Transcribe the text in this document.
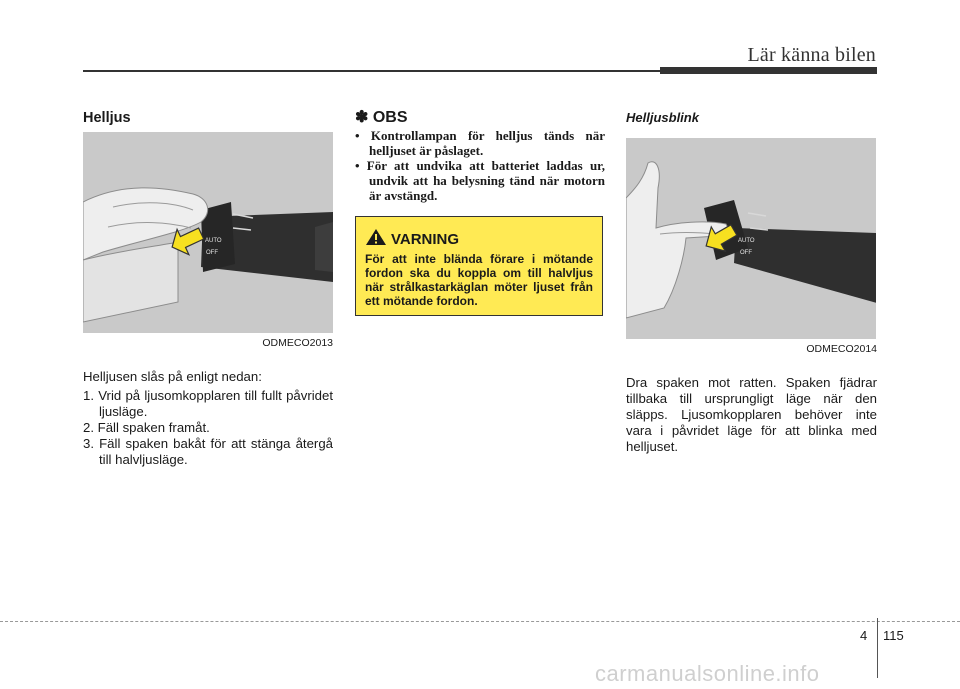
Lär känna bilen
Helljus
AUTO
OFF
ODMECO2013

Helljusen slås på enligt nedan:

1. Vrid på ljusomkopplaren till fullt påvridet ljusläge.
2. Fäll spaken framåt.
3. Fäll spaken bakåt för att stänga återgå till halvljusläge.
✽ OBS
• Kontrollampan för helljus tänds när helljuset är påslaget.
• För att undvika att batteriet laddas ur, undvik att ha belysning tänd när motorn är avstängd.
VARNING
För att inte blända förare i mötande fordon ska du koppla om till halvljus när strålkastarkäglan möter ljuset från ett mötande fordon.
Helljusblink
AUTO
OFF
ODMECO2014

Dra spaken mot ratten. Spaken fjädrar tillbaka till ursprungligt läge när den släpps. Ljusomkopplaren behöver inte vara i påvridet läge för att blinka med helljuset.

4 115
carmanualsonline.info
